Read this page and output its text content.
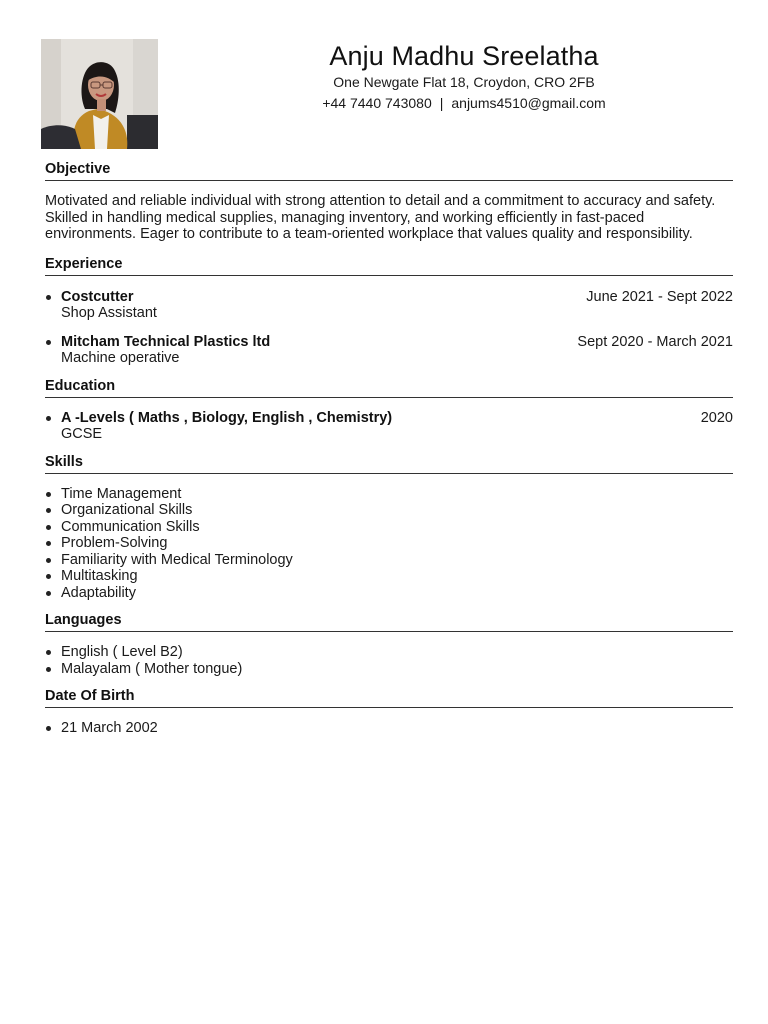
Anju Madhu Sreelatha
One Newgate Flat 18, Croydon, CRO 2FB
+44 7440 743080 | anjums4510@gmail.com
Objective

Motivated and reliable individual with strong attention to detail and a commitment to accuracy and safety. Skilled in handling medical supplies, managing inventory, and working efficiently in fast-paced environments. Eager to contribute to a team-oriented workplace that values quality and responsibility.

Experience
Costcutter	June 2021 - Sept 2022
Shop Assistant
Mitcham Technical Plastics ltd	Sept 2020 - March 2021
Machine operative
Education
A -Levels ( Maths , Biology, English , Chemistry)	2020
GCSE
Skills
Time Management
Organizational Skills
Communication Skills
Problem-Solving
Familiarity with Medical Terminology
Multitasking
Adaptability
Languages
English ( Level B2)
Malayalam ( Mother tongue)
Date Of Birth
21 March 2002
